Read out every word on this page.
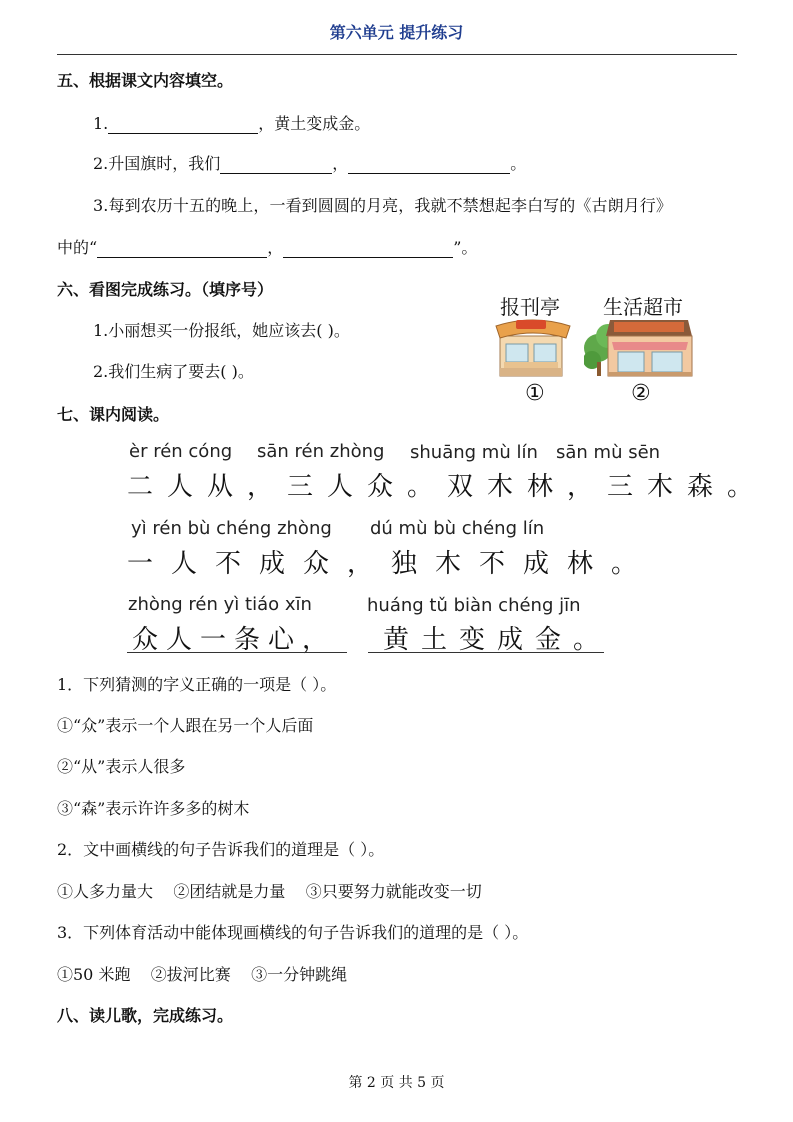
第六单元 提升练习
五、根据课文内容填空。
1.	，黄土变成金。
2.升国旗时，我们	，	。
3.每到农历十五的晚上，一看到圆圆的月亮，我就不禁想起李白写的《古朗月行》
中的“	，	”。
六、看图完成练习。（填序号）
1.小丽想买一份报纸，她应该去( )。
2.我们生病了要去( )。
报刊亭 生活超市
①	②
七、课内阅读。
èr rén cóng sān rén zhòng shuāng mù lín sān mù sēn
二人从，三人众。双木林，三木森。
yì rén bù chéng zhòng dú mù bù chéng lín
一人不成众，独木不成林。
zhòng rén yì tiáo xīn	huáng tǔ biàn chéng jīn
众人一条心， 黄土变成金。
1．下列猜测的字义正确的一项是（ ）。
①“众”表示一个人跟在另一个人后面
②“从”表示人很多
③“森”表示许许多多的树木
2．文中画横线的句子告诉我们的道理是（ ）。
①人多力量大    ②团结就是力量    ③只要努力就能改变一切
3．下列体育活动中能体现画横线的句子告诉我们的道理的是（ ）。
①50 米跑    ②拔河比赛    ③一分钟跳绳
八、读儿歌，完成练习。
第 2 页 共 5 页
